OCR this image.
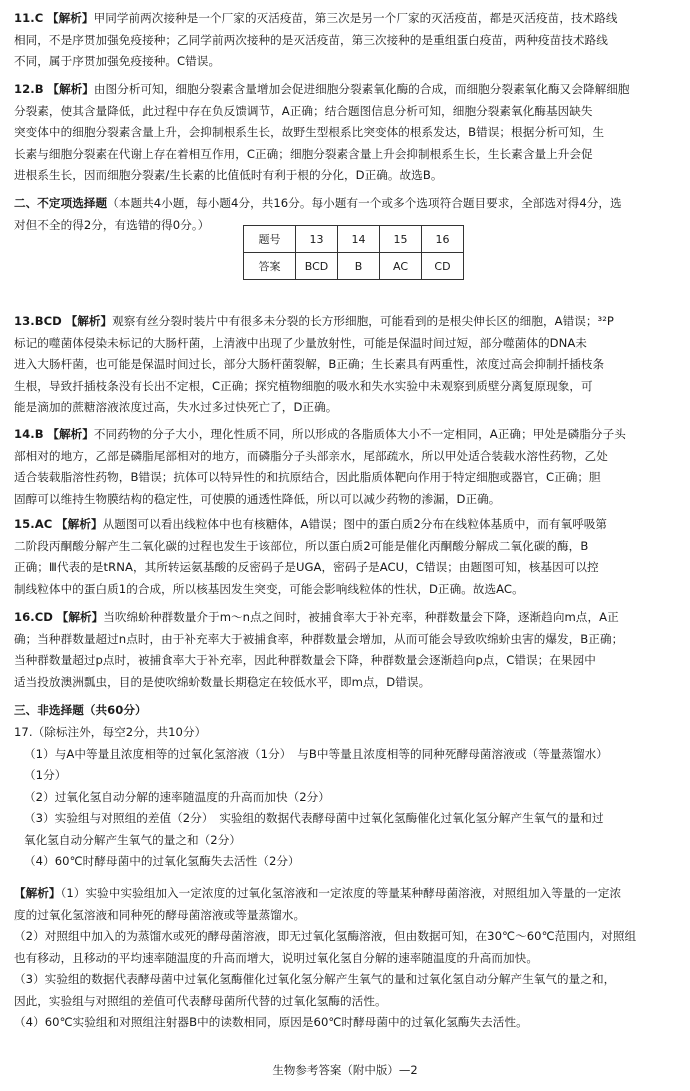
11.C 【解析】甲同学前两次接种是一个厂家的灭活疫苗，第三次是另一个厂家的灭活疫苗，都是灭活疫苗，技术路线

相同，不是序贯加强免疫接种；乙同学前两次接种的是灭活疫苗，第三次接种的是重组蛋白疫苗，两种疫苗技术路线

不同，属于序贯加强免疫接种。C错误。

12.B 【解析】由图分析可知，细胞分裂素含量增加会促进细胞分裂素氧化酶的合成，而细胞分裂素氧化酶又会降解细胞

分裂素，使其含量降低，此过程中存在负反馈调节，A正确；结合题图信息分析可知，细胞分裂素氧化酶基因缺失

突变体中的细胞分裂素含量上升，会抑制根系生长，故野生型根系比突变体的根系发达，B错误；根据分析可知，生

长素与细胞分裂素在代谢上存在着相互作用，C正确；细胞分裂素含量上升会抑制根系生长，生长素含量上升会促

进根系生长，因而细胞分裂素/生长素的比值低时有利于根的分化，D正确。故选B。

二、不定项选择题（本题共4小题，每小题4分，共16分。每小题有一个或多个选项符合题目要求，全部选对得4分，选

对但不全的得2分，有选错的得0分。）

题号	13	14	15	16
答案	BCD	B	AC	CD

13.BCD 【解析】观察有丝分裂时装片中有很多未分裂的长方形细胞，可能看到的是根尖伸长区的细胞，A错误；³²P

标记的噬菌体侵染未标记的大肠杆菌，上清液中出现了少量放射性，可能是保温时间过短，部分噬菌体的DNA未

进入大肠杆菌，也可能是保温时间过长，部分大肠杆菌裂解，B正确；生长素具有两重性，浓度过高会抑制扦插枝条

生根，导致扦插枝条没有长出不定根，C正确；探究植物细胞的吸水和失水实验中未观察到质壁分离复原现象，可

能是滴加的蔗糖溶液浓度过高，失水过多过快死亡了，D正确。

14.B 【解析】不同药物的分子大小，理化性质不同，所以形成的各脂质体大小不一定相同，A正确；甲处是磷脂分子头

部相对的地方，乙部是磷脂尾部相对的地方，而磷脂分子头部亲水，尾部疏水，所以甲处适合装载水溶性药物，乙处

适合装载脂溶性药物，B错误；抗体可以特异性的和抗原结合，因此脂质体靶向作用于特定细胞或器官，C正确；胆

固醇可以维持生物膜结构的稳定性，可使膜的通透性降低，所以可以减少药物的渗漏，D正确。

15.AC 【解析】从题图可以看出线粒体中也有核糖体，A错误；图中的蛋白质2分布在线粒体基质中，而有氧呼吸第

二阶段丙酮酸分解产生二氧化碳的过程也发生于该部位，所以蛋白质2可能是催化丙酮酸分解成二氧化碳的酶，B

正确；Ⅲ代表的是tRNA，其所转运氨基酸的反密码子是UGA，密码子是ACU，C错误；由题图可知，核基因可以控

制线粒体中的蛋白质1的合成，所以核基因发生突变，可能会影响线粒体的性状，D正确。故选AC。

16.CD 【解析】当吹绵蚧种群数量介于m～n点之间时，被捕食率大于补充率，种群数量会下降，逐渐趋向m点，A正

确；当种群数量超过n点时，由于补充率大于被捕食率，种群数量会增加，从而可能会导致吹绵蚧虫害的爆发，B正确；

当种群数量超过p点时，被捕食率大于补充率，因此种群数量会下降，种群数量会逐渐趋向p点，C错误；在果园中

适当投放澳洲瓢虫，目的是使吹绵蚧数量长期稳定在较低水平，即m点，D错误。

三、非选择题（共60分）

17.（除标注外，每空2分，共10分）

（1）与A中等量且浓度相等的过氧化氢溶液（1分）　与B中等量且浓度相等的同种死酵母菌溶液或（等量蒸馏水）

（1分）

（2）过氧化氢自动分解的速率随温度的升高而加快（2分）

（3）实验组与对照组的差值（2分）　实验组的数据代表酵母菌中过氧化氢酶催化过氧化氢分解产生氧气的量和过

氧化氢自动分解产生氧气的量之和（2分）

（4）60℃时酵母菌中的过氧化氢酶失去活性（2分）

【解析】（1）实验中实验组加入一定浓度的过氧化氢溶液和一定浓度的等量某种酵母菌溶液，对照组加入等量的一定浓

度的过氧化氢溶液和同种死的酵母菌溶液或等量蒸馏水。

（2）对照组中加入的为蒸馏水或死的酵母菌溶液，即无过氧化氢酶溶液，但由数据可知，在30℃～60℃范围内，对照组

也有移动，且移动的平均速率随温度的升高而增大，说明过氧化氢自分解的速率随温度的升高而加快。

（3）实验组的数据代表酵母菌中过氧化氢酶催化过氧化氢分解产生氧气的量和过氧化氢自动分解产生氧气的量之和，

因此，实验组与对照组的差值可代表酵母菌所代替的过氧化氢酶的活性。

（4）60℃实验组和对照组注射器B中的读数相同，原因是60℃时酵母菌中的过氧化氢酶失去活性。

生物参考答案（附中版）—2
